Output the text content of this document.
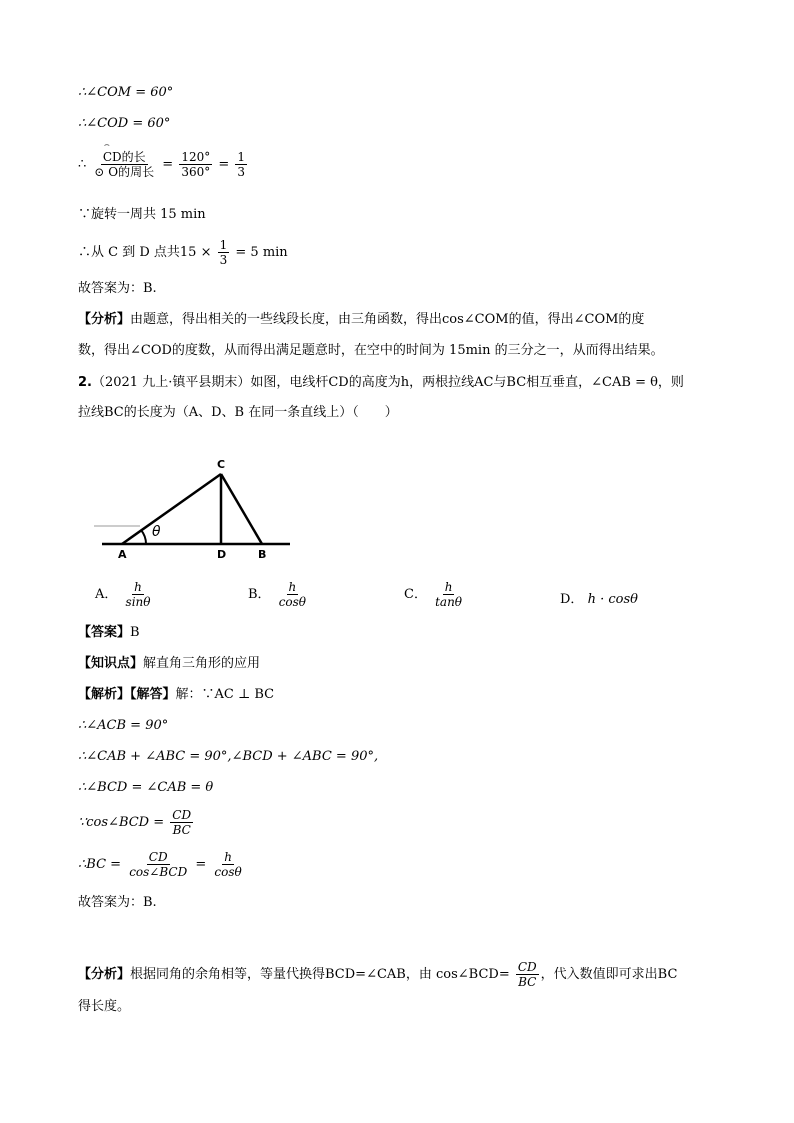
∴∠COM = 60°
∴∠COD = 60°
∴
⌢ $\frac{\text{CD的长}}{\text{⊙ O的周长}} = \frac{120^\circ}{360^\circ} = \frac{1}{3}$
∵旋转一周共 15 min
∴从 C 到 D 点共$15 \times \frac{1}{3} = 5$ min
故答案为：B.
【分析】由题意，得出相关的一些线段长度，由三角函数，得出cos∠COM的值，得出∠COM的度
数，得出∠COD的度数，从而得出满足题意时，在空中的时间为 15min 的三分之一，从而得出结果。
2.（2021 九上·镇平县期末）如图，电线杆CD的高度为h，两根拉线AC与BC相互垂直，∠CAB = θ，则
拉线BC的长度为（A、D、B 在同一条直线上）（　　）
θ
A	D	B
C
A． $\frac{h}{\sin\theta}$	B． $\frac{h}{\cos\theta}$	C． $\frac{h}{\tan\theta}$	D． h · cosθ
【答案】B
【知识点】解直角三角形的应用
【解析】【解答】解：∵AC ⊥ BC
∴∠ACB = 90°
∴∠CAB + ∠ABC = 90°,∠BCD + ∠ABC = 90°,
∴∠BCD = ∠CAB = θ
∵cos∠BCD = $\frac{CD}{BC}$
∴BC = $\frac{CD}{\text{cos∠BCD}} = \frac{h}{\cos\theta}$
故答案为：B.
【分析】根据同角的余角相等，等量代换得BCD=∠CAB，由 cos∠BCD= $\frac{CD}{BC}$ ，代入数值即可求出BC
得长度。
